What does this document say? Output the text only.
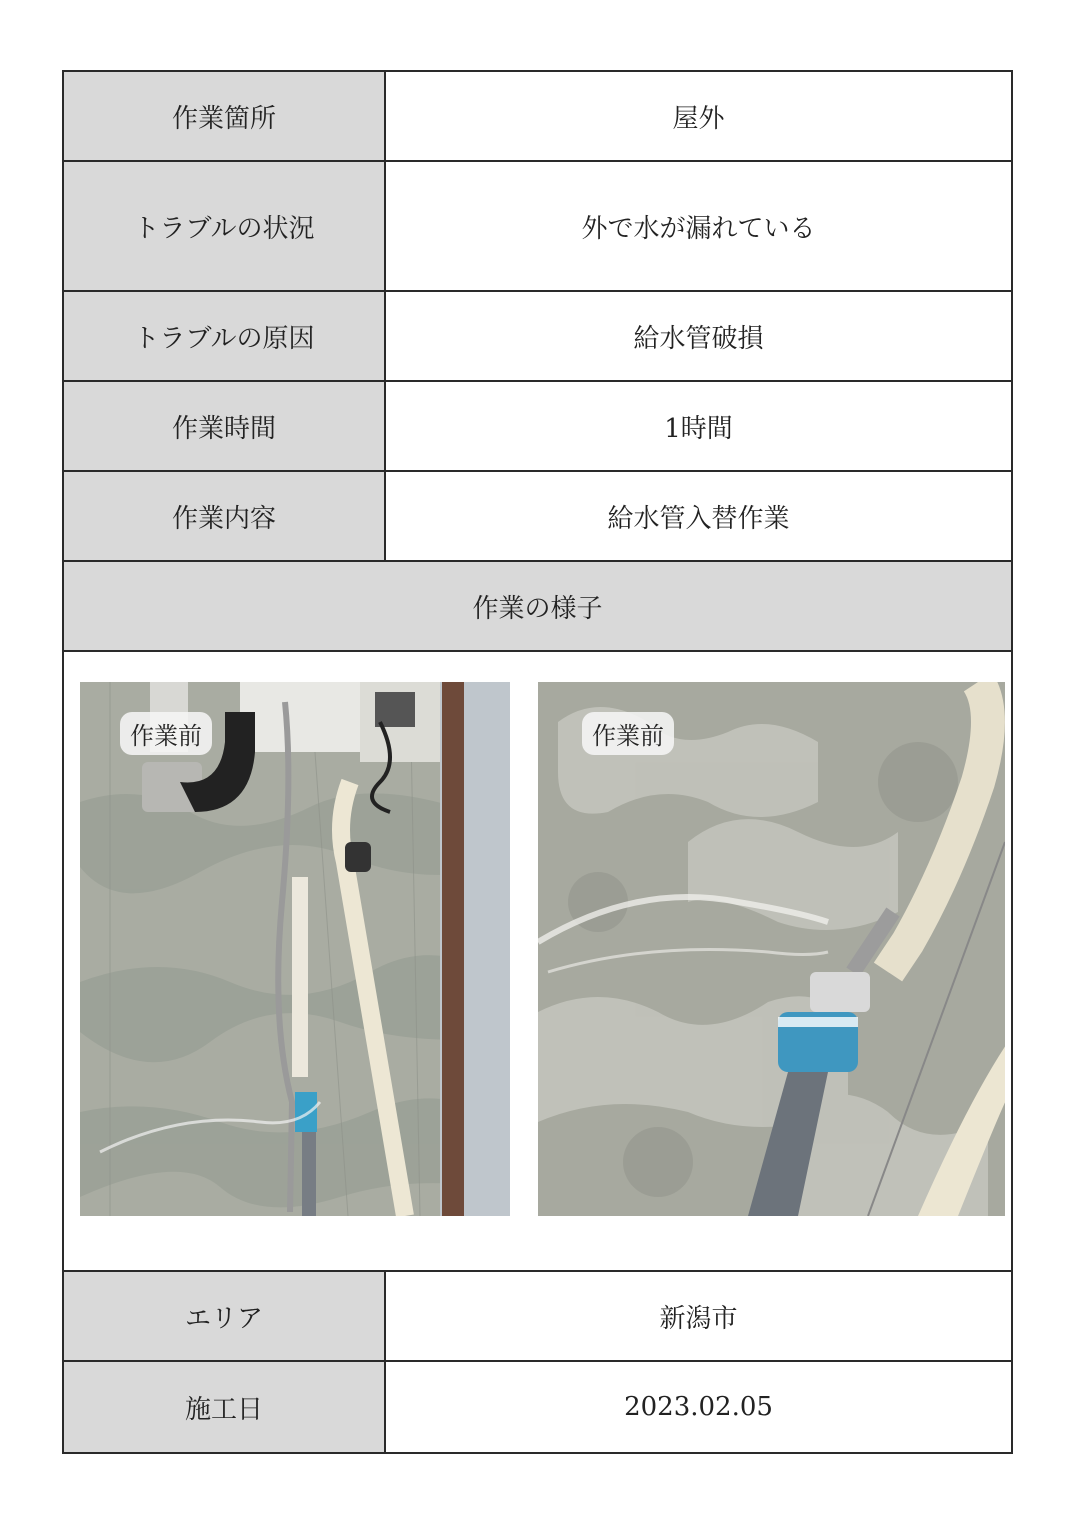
作業箇所	屋外
トラブルの状況	外で水が漏れている
トラブルの原因	給水管破損
作業時間	1時間
作業内容	給水管入替作業
作業の様子	

作業前 作業前	

エリア	新潟市
施工日	2023.02.05
